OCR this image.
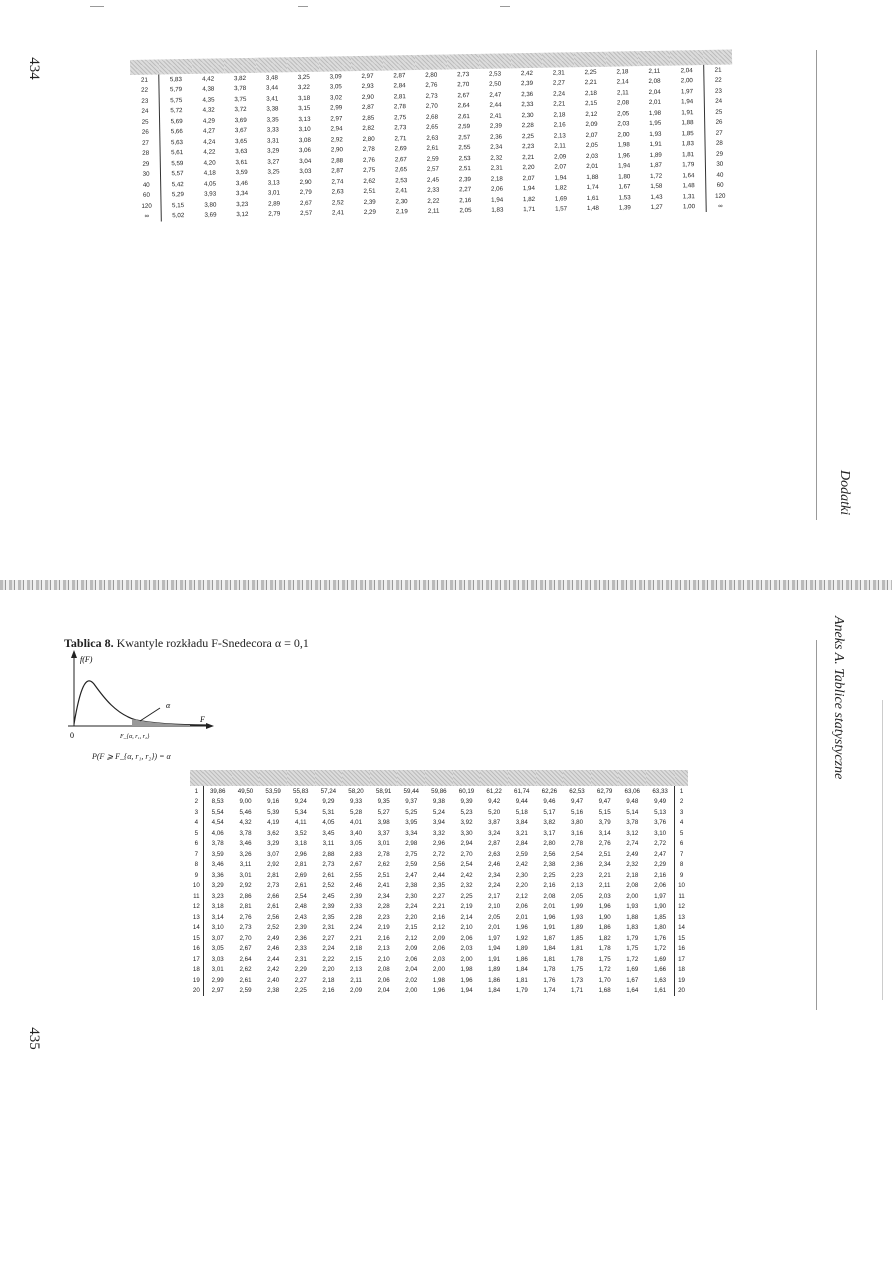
434
435
Dodatki
Aneks A. Tablice statystyczne

21	5,83	4,42	3,82	3,48	3,25	3,09	2,97	2,87	2,80	2,73	2,53	2,42	2,31	2,25	2,18	2,11	2,04	21
22	5,79	4,38	3,78	3,44	3,22	3,05	2,93	2,84	2,76	2,70	2,50	2,39	2,27	2,21	2,14	2,08	2,00	22
23	5,75	4,35	3,75	3,41	3,18	3,02	2,90	2,81	2,73	2,67	2,47	2,36	2,24	2,18	2,11	2,04	1,97	23
24	5,72	4,32	3,72	3,38	3,15	2,99	2,87	2,78	2,70	2,64	2,44	2,33	2,21	2,15	2,08	2,01	1,94	24
25	5,69	4,29	3,69	3,35	3,13	2,97	2,85	2,75	2,68	2,61	2,41	2,30	2,18	2,12	2,05	1,98	1,91	25
26	5,66	4,27	3,67	3,33	3,10	2,94	2,82	2,73	2,65	2,59	2,39	2,28	2,16	2,09	2,03	1,95	1,88	26
27	5,63	4,24	3,65	3,31	3,08	2,92	2,80	2,71	2,63	2,57	2,36	2,25	2,13	2,07	2,00	1,93	1,85	27
28	5,61	4,22	3,63	3,29	3,06	2,90	2,78	2,69	2,61	2,55	2,34	2,23	2,11	2,05	1,98	1,91	1,83	28
29	5,59	4,20	3,61	3,27	3,04	2,88	2,76	2,67	2,59	2,53	2,32	2,21	2,09	2,03	1,96	1,89	1,81	29
30	5,57	4,18	3,59	3,25	3,03	2,87	2,75	2,65	2,57	2,51	2,31	2,20	2,07	2,01	1,94	1,87	1,79	30
40	5,42	4,05	3,46	3,13	2,90	2,74	2,62	2,53	2,45	2,39	2,18	2,07	1,94	1,88	1,80	1,72	1,64	40
60	5,29	3,93	3,34	3,01	2,79	2,63	2,51	2,41	2,33	2,27	2,06	1,94	1,82	1,74	1,67	1,58	1,48	60
120	5,15	3,80	3,23	2,89	2,67	2,52	2,39	2,30	2,22	2,16	1,94	1,82	1,69	1,61	1,53	1,43	1,31	120
∞	5,02	3,69	3,12	2,79	2,57	2,41	2,29	2,19	2,11	2,05	1,83	1,71	1,57	1,48	1,39	1,27	1,00	∞
Tablica 8. Kwantyle rozkładu F-Snedecora α = 0,1
α
f(F)
F
0	F_{α, r₁, r₂}
P(F ⩾ F_{α, r₁, r₂}) = α

1	39,86	49,50	53,59	55,83	57,24	58,20	58,91	59,44	59,86	60,19	61,22	61,74	62,26	62,53	62,79	63,06	63,33	1
2	8,53	9,00	9,16	9,24	9,29	9,33	9,35	9,37	9,38	9,39	9,42	9,44	9,46	9,47	9,47	9,48	9,49	2
3	5,54	5,46	5,39	5,34	5,31	5,28	5,27	5,25	5,24	5,23	5,20	5,18	5,17	5,16	5,15	5,14	5,13	3
4	4,54	4,32	4,19	4,11	4,05	4,01	3,98	3,95	3,94	3,92	3,87	3,84	3,82	3,80	3,79	3,78	3,76	4
5	4,06	3,78	3,62	3,52	3,45	3,40	3,37	3,34	3,32	3,30	3,24	3,21	3,17	3,16	3,14	3,12	3,10	5
6	3,78	3,46	3,29	3,18	3,11	3,05	3,01	2,98	2,96	2,94	2,87	2,84	2,80	2,78	2,76	2,74	2,72	6
7	3,59	3,26	3,07	2,96	2,88	2,83	2,78	2,75	2,72	2,70	2,63	2,59	2,56	2,54	2,51	2,49	2,47	7
8	3,46	3,11	2,92	2,81	2,73	2,67	2,62	2,59	2,56	2,54	2,46	2,42	2,38	2,36	2,34	2,32	2,29	8
9	3,36	3,01	2,81	2,69	2,61	2,55	2,51	2,47	2,44	2,42	2,34	2,30	2,25	2,23	2,21	2,18	2,16	9
10	3,29	2,92	2,73	2,61	2,52	2,46	2,41	2,38	2,35	2,32	2,24	2,20	2,16	2,13	2,11	2,08	2,06	10
11	3,23	2,86	2,66	2,54	2,45	2,39	2,34	2,30	2,27	2,25	2,17	2,12	2,08	2,05	2,03	2,00	1,97	11
12	3,18	2,81	2,61	2,48	2,39	2,33	2,28	2,24	2,21	2,19	2,10	2,06	2,01	1,99	1,96	1,93	1,90	12
13	3,14	2,76	2,56	2,43	2,35	2,28	2,23	2,20	2,16	2,14	2,05	2,01	1,96	1,93	1,90	1,88	1,85	13
14	3,10	2,73	2,52	2,39	2,31	2,24	2,19	2,15	2,12	2,10	2,01	1,96	1,91	1,89	1,86	1,83	1,80	14
15	3,07	2,70	2,49	2,36	2,27	2,21	2,16	2,12	2,09	2,06	1,97	1,92	1,87	1,85	1,82	1,79	1,76	15
16	3,05	2,67	2,46	2,33	2,24	2,18	2,13	2,09	2,06	2,03	1,94	1,89	1,84	1,81	1,78	1,75	1,72	16
17	3,03	2,64	2,44	2,31	2,22	2,15	2,10	2,06	2,03	2,00	1,91	1,86	1,81	1,78	1,75	1,72	1,69	17
18	3,01	2,62	2,42	2,29	2,20	2,13	2,08	2,04	2,00	1,98	1,89	1,84	1,78	1,75	1,72	1,69	1,66	18
19	2,99	2,61	2,40	2,27	2,18	2,11	2,06	2,02	1,98	1,96	1,86	1,81	1,76	1,73	1,70	1,67	1,63	19
20	2,97	2,59	2,38	2,25	2,16	2,09	2,04	2,00	1,96	1,94	1,84	1,79	1,74	1,71	1,68	1,64	1,61	20
